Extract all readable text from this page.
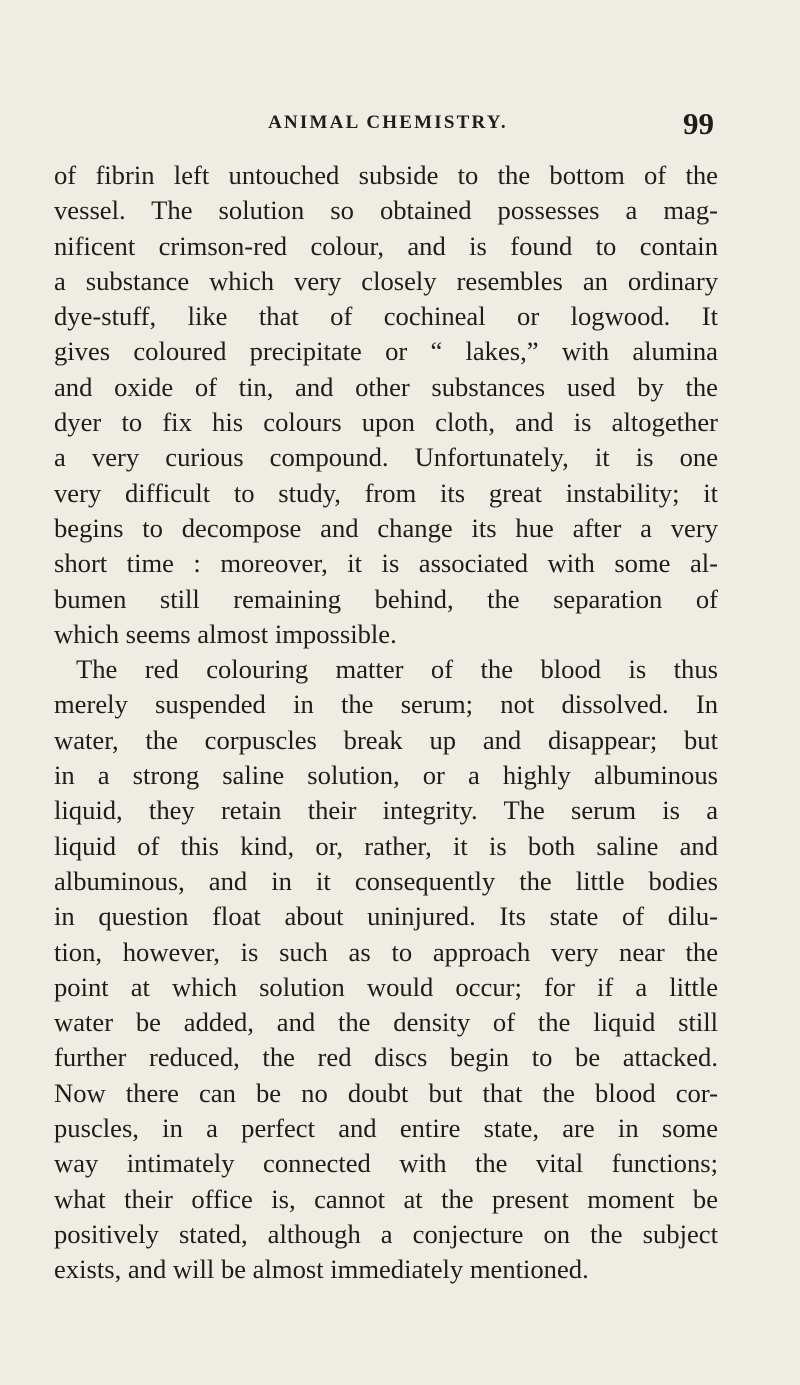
ANIMAL CHEMISTRY.	99
of fibrin left untouched subside to the bottom of the
vessel. The solution so obtained possesses a mag-
nificent crimson-red colour, and is found to contain
a substance which very closely resembles an ordinary
dye-stuff, like that of cochineal or logwood. It
gives coloured precipitate or “ lakes,” with alumina
and oxide of tin, and other substances used by the
dyer to fix his colours upon cloth, and is altogether
a very curious compound. Unfortunately, it is one
very difficult to study, from its great instability; it
begins to decompose and change its hue after a very
short time : moreover, it is associated with some al-
bumen still remaining behind, the separation of
which seems almost impossible.
The red colouring matter of the blood is thus
merely suspended in the serum; not dissolved. In
water, the corpuscles break up and disappear; but
in a strong saline solution, or a highly albuminous
liquid, they retain their integrity. The serum is a
liquid of this kind, or, rather, it is both saline and
albuminous, and in it consequently the little bodies
in question float about uninjured. Its state of dilu-
tion, however, is such as to approach very near the
point at which solution would occur; for if a little
water be added, and the density of the liquid still
further reduced, the red discs begin to be attacked.
Now there can be no doubt but that the blood cor-
puscles, in a perfect and entire state, are in some
way intimately connected with the vital functions;
what their office is, cannot at the present moment be
positively stated, although a conjecture on the subject
exists, and will be almost immediately mentioned.
